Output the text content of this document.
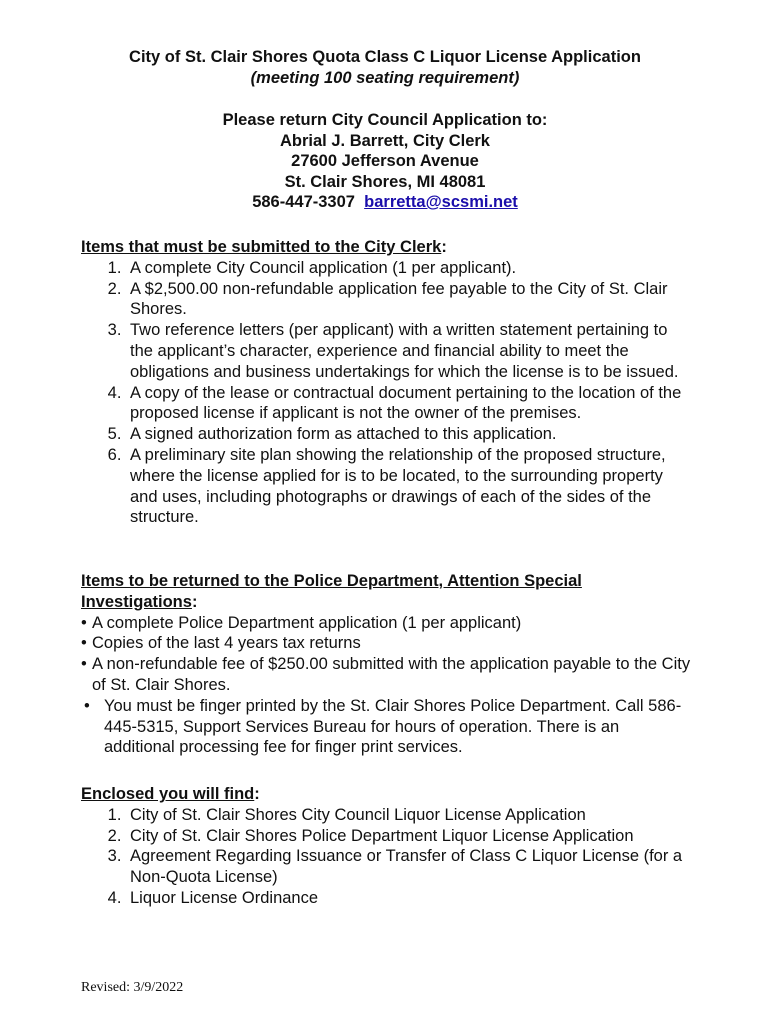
City of St. Clair Shores Quota Class C Liquor License Application
(meeting 100 seating requirement)
Please return City Council Application to:
Abrial J. Barrett, City Clerk
27600 Jefferson Avenue
St. Clair Shores, MI 48081
586-447-3307 barretta@scsmi.net
Items that must be submitted to the City Clerk:
1. A complete City Council application (1 per applicant).
2. A $2,500.00 non-refundable application fee payable to the City of St. Clair Shores.
3. Two reference letters (per applicant) with a written statement pertaining to the applicant’s character, experience and financial ability to meet the obligations and business undertakings for which the license is to be issued.
4. A copy of the lease or contractual document pertaining to the location of the proposed license if applicant is not the owner of the premises.
5. A signed authorization form as attached to this application.
6. A preliminary site plan showing the relationship of the proposed structure, where the license applied for is to be located, to the surrounding property and uses, including photographs or drawings of each of the sides of the structure.
Items to be returned to the Police Department, Attention Special Investigations:
• A complete Police Department application (1 per applicant)
• Copies of the last 4 years tax returns
• A non-refundable fee of $250.00 submitted with the application payable to the City of St. Clair Shores.
• You must be finger printed by the St. Clair Shores Police Department. Call 586-445-5315, Support Services Bureau for hours of operation. There is an additional processing fee for finger print services.
Enclosed you will find:
1. City of St. Clair Shores City Council Liquor License Application
2. City of St. Clair Shores Police Department Liquor License Application
3. Agreement Regarding Issuance or Transfer of Class C Liquor License (for a Non-Quota License)
4. Liquor License Ordinance
Revised: 3/9/2022
